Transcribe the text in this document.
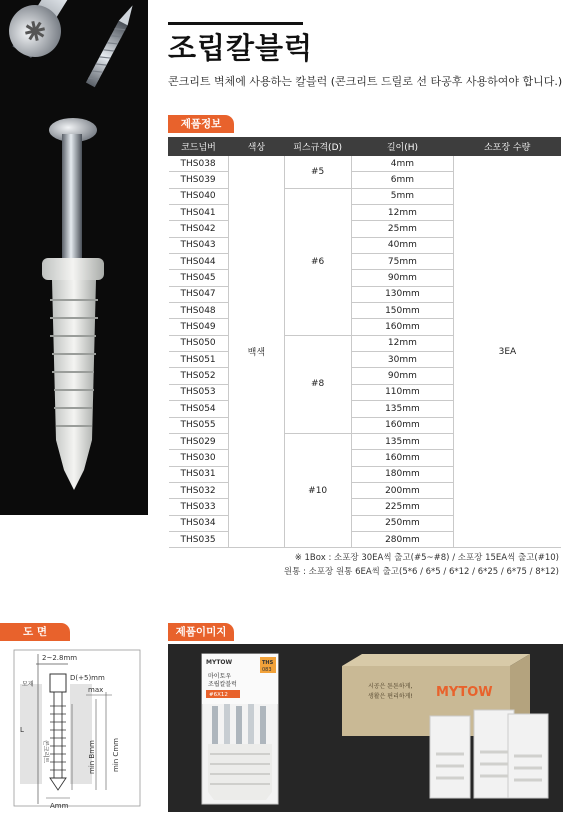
조립칼블럭
콘크리트 벽체에 사용하는 칼블럭 (콘크리트 드릴로 선 타공후 사용하여야 합니다.)
제품정보
코드넘버	색상	피스규격(D)	길이(H)	소포장 수량
THS038	백색	#5	4mm	3EA
THS039			6mm	
THS040		#6	5mm	
THS041			12mm	
THS042			25mm	
THS043			40mm	
THS044			75mm	
THS045			90mm	
THS047			130mm	
THS048			150mm	
THS049			160mm	
THS050		#8	12mm	
THS051			30mm	
THS052			90mm	
THS053			110mm	
THS054			135mm	
THS055			160mm	
THS029		#10	135mm	
THS030			160mm	
THS031			180mm	
THS032			200mm	
THS033			225mm	
THS034			250mm	
THS035			280mm	
※ 1Box : 소포장 30EA씩 출고(#5~#8) / 소포장 15EA씩 출고(#10)
원통 : 소포장 원통 6EA씩 출고(5*6 / 6*5 / 6*12 / 6*25 / 6*75 / 8*12)
도 면	제품이미지
2~2.8mm
D(+5)mm
모재
max
L
콘크리트	min Bmm min Cmm
Amm
MYTOW	THS
083
마이토우
조립칼블럭
#6X12
시공은 튼튼하게,
생활은 편리하게! MYTOW
